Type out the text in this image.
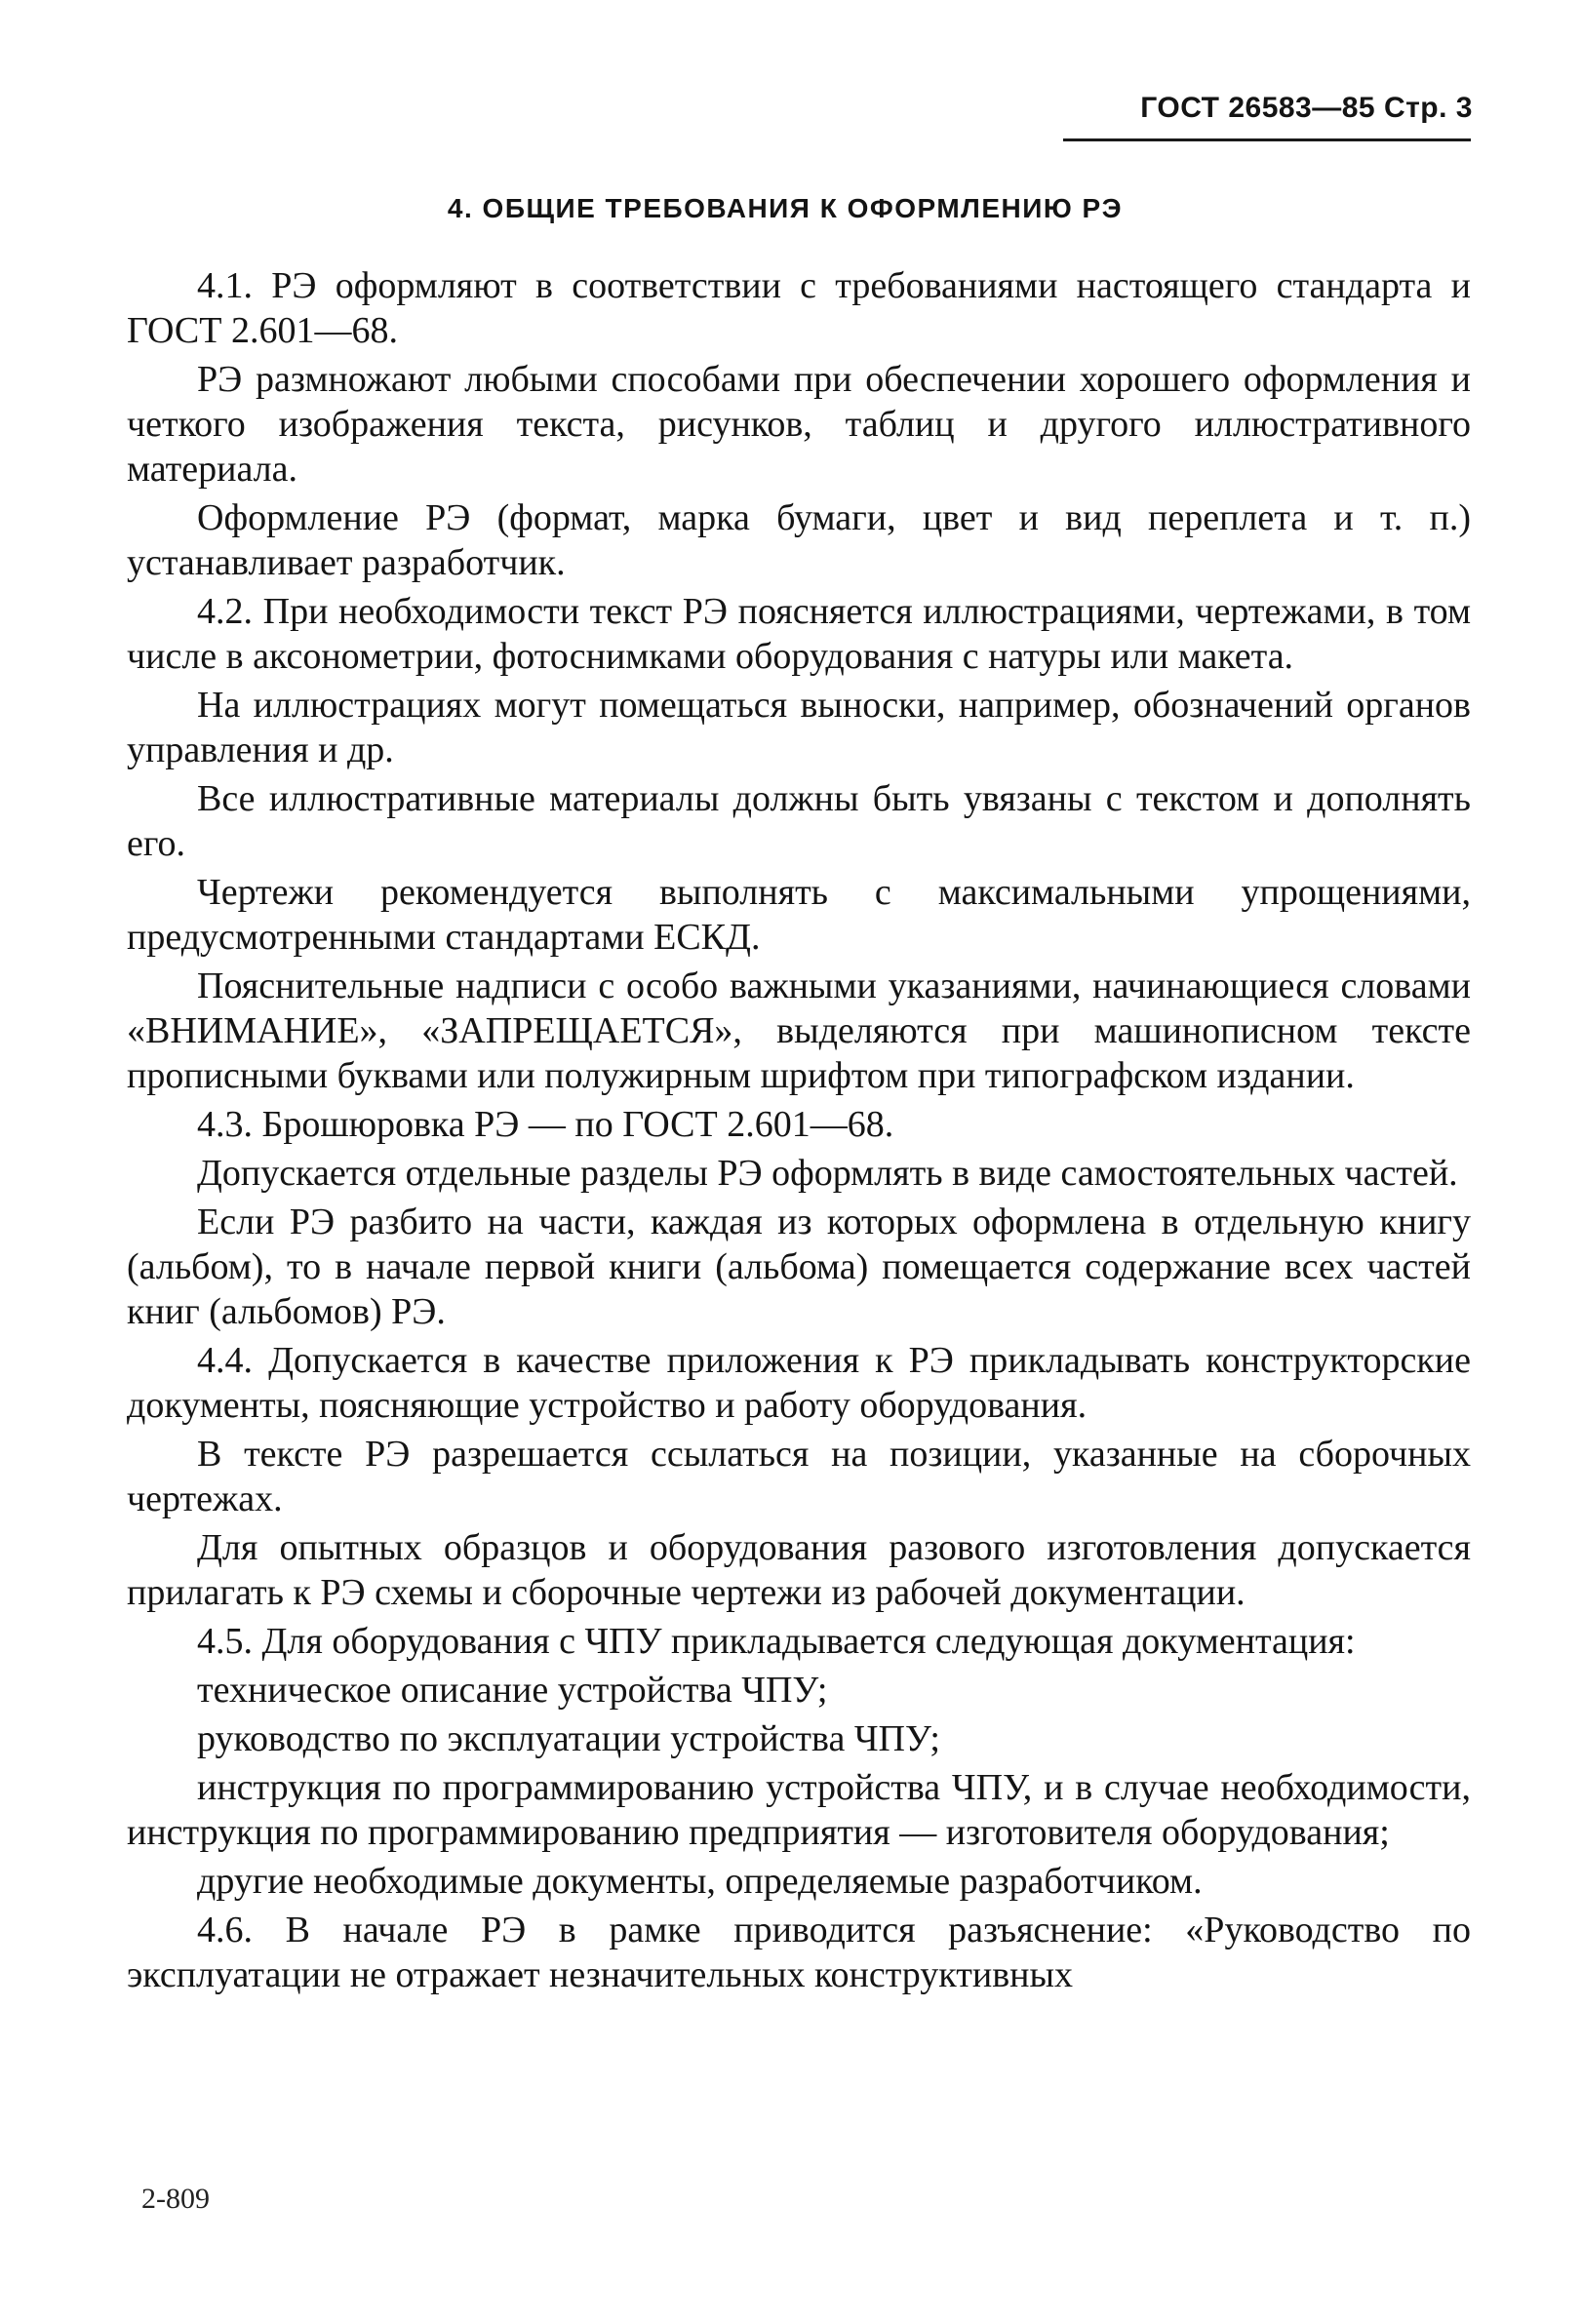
ГОСТ 26583—85 Стр. 3
4. ОБЩИЕ ТРЕБОВАНИЯ К ОФОРМЛЕНИЮ РЭ

4.1. РЭ оформляют в соответствии с требованиями настоящего стандарта и ГОСТ 2.601—68.

РЭ размножают любыми способами при обеспечении хорошего оформления и четкого изображения текста, рисунков, таблиц и другого иллюстративного материала.

Оформление РЭ (формат, марка бумаги, цвет и вид переплета и т. п.) устанавливает разработчик.

4.2. При необходимости текст РЭ поясняется иллюстрациями, чертежами, в том числе в аксонометрии, фотоснимками оборудования с натуры или макета.

На иллюстрациях могут помещаться выноски, например, обозначений органов управления и др.

Все иллюстративные материалы должны быть увязаны с текстом и дополнять его.

Чертежи рекомендуется выполнять с максимальными упрощениями, предусмотренными стандартами ЕСКД.

Пояснительные надписи с особо важными указаниями, начинающиеся словами «ВНИМАНИЕ», «ЗАПРЕЩАЕТСЯ», выделяются при машинописном тексте прописными буквами или полужирным шрифтом при типографском издании.

4.3. Брошюровка РЭ — по ГОСТ 2.601—68.

Допускается отдельные разделы РЭ оформлять в виде самостоятельных частей.

Если РЭ разбито на части, каждая из которых оформлена в отдельную книгу (альбом), то в начале первой книги (альбома) помещается содержание всех частей книг (альбомов) РЭ.

4.4. Допускается в качестве приложения к РЭ прикладывать конструкторские документы, поясняющие устройство и работу оборудования.

В тексте РЭ разрешается ссылаться на позиции, указанные на сборочных чертежах.

Для опытных образцов и оборудования разового изготовления допускается прилагать к РЭ схемы и сборочные чертежи из рабочей документации.

4.5. Для оборудования с ЧПУ прикладывается следующая документация:

техническое описание устройства ЧПУ;

руководство по эксплуатации устройства ЧПУ;

инструкция по программированию устройства ЧПУ, и в случае необходимости, инструкция по программированию предприятия — изготовителя оборудования;

другие необходимые документы, определяемые разработчиком.

4.6. В начале РЭ в рамке приводится разъяснение: «Руководство по эксплуатации не отражает незначительных конструктивных

2-809
